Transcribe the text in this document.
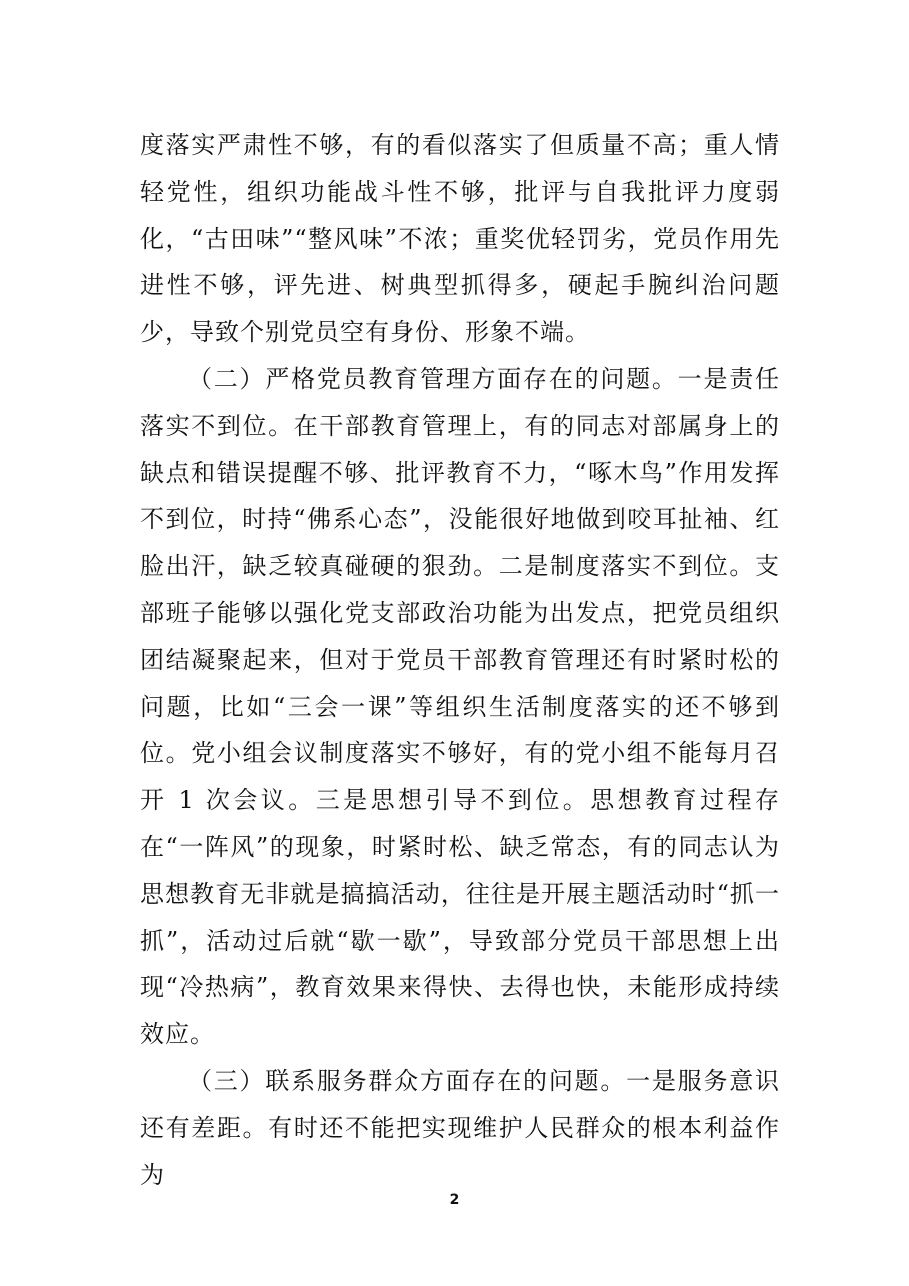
度落实严肃性不够，有的看似落实了但质量不高；重人情轻党性，组织功能战斗性不够，批评与自我批评力度弱化，“古田味”“整风味”不浓；重奖优轻罚劣，党员作用先进性不够，评先进、树典型抓得多，硬起手腕纠治问题少，导致个别党员空有身份、形象不端。

（二）严格党员教育管理方面存在的问题。一是责任落实不到位。在干部教育管理上，有的同志对部属身上的缺点和错误提醒不够、批评教育不力，“啄木鸟”作用发挥不到位，时持“佛系心态”，没能很好地做到咬耳扯袖、红脸出汗，缺乏较真碰硬的狠劲。二是制度落实不到位。支部班子能够以强化党支部政治功能为出发点，把党员组织团结凝聚起来，但对于党员干部教育管理还有时紧时松的问题，比如“三会一课”等组织生活制度落实的还不够到位。党小组会议制度落实不够好，有的党小组不能每月召开 1 次会议。三是思想引导不到位。思想教育过程存在“一阵风”的现象，时紧时松、缺乏常态，有的同志认为思想教育无非就是搞搞活动，往往是开展主题活动时“抓一抓”，活动过后就“歇一歇”，导致部分党员干部思想上出现“冷热病”，教育效果来得快、去得也快，未能形成持续效应。

（三）联系服务群众方面存在的问题。一是服务意识还有差距。有时还不能把实现维护人民群众的根本利益作为

2
